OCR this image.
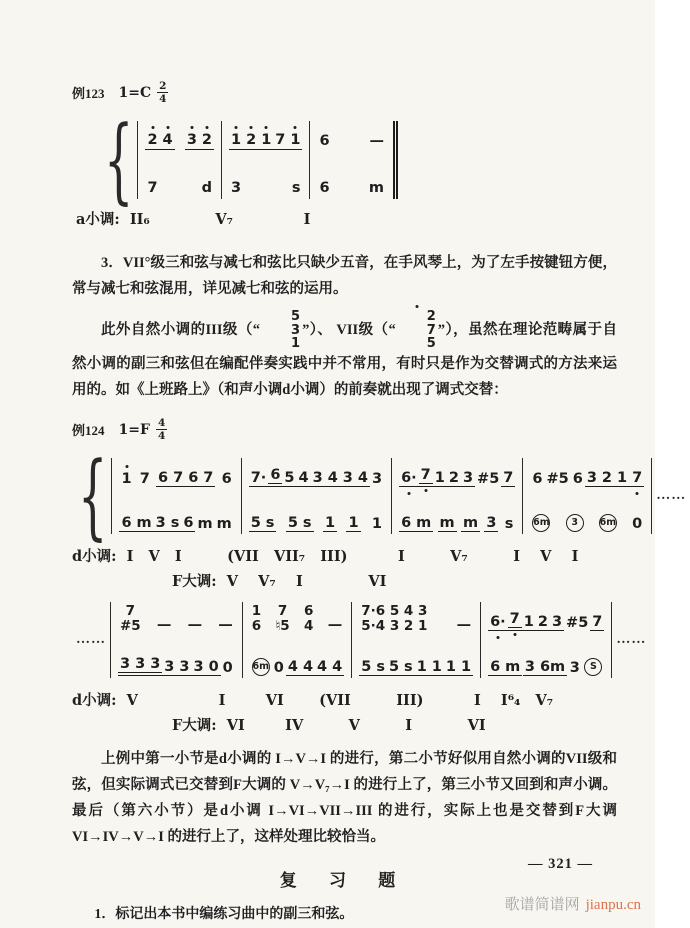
例123 $1=C \frac{2}{4}$
{ 2 4 3 2
7	d
1 2 1 7 1
3	s
6	—
6	m
a小调:  II₆             V₇              I

3．VII°级三和弦与减七和弦比只缺少五音，在手风琴上，为了左手按键钮方便，常与减七和弦混用，详见减七和弦的运用。

此外自然小调的III级（“
5
3
1
”）、 VII级（“
2
7
5
”），虽然在理论范畴属于自然小调的副三和弦但在编配伴奏实践中并不常用，有时只是作为交替调式的方法来运用的。如《上班路上》（和声小调d小调）的前奏就出现了调式交替：

例124 $1=F \frac{4}{4}$
{ 1 7 6 7 6 7 6
6 m 3 s 6 m m
7· 6 5 4 3 4 3 4 3
5 s 5 s 1 1 1
6· 7 1 2 3 #5 7
6 m m m 3 s
6 #5 6 3 2 1 7
6m	3	6m 0
……
d小调:  I   V   I         (VII   VII₇   III)          I         V₇         I    V    I
F大调:  V    V₇    I             VI
……
7
#5 — — —
3 3 3 3 3 3 0 0
1
6
7
♮5
6
4 —
6m 0 4 4 4 4
7·6 5 4 3
5·4 3 2 1 —
5 s 5 s 1 1 1 1
6· 7 1 2 3 #5 7
6 m 3 6m 3	S
……
d小调:  V                I        VI       (VII         III)          I    I⁶₄   V₇
F大调:  VI        IV         V         I           VI

上例中第一小节是d小调的 I→V→I 的进行，第二小节好似用自然小调的VII级和弦，但实际调式已交替到F大调的 V→V₇→I 的进行上了，第三小节又回到和声小调。最后（第六小节）是d小调 I→VI→VII→III 的进行，实际上也是交替到F大调 VI→IV→V→I 的进行上了，这样处理比较恰当。

复 习 题

1．标记出本书中编练习曲中的副三和弦。

— 321 —
歌谱简谱网 jianpu.cn
